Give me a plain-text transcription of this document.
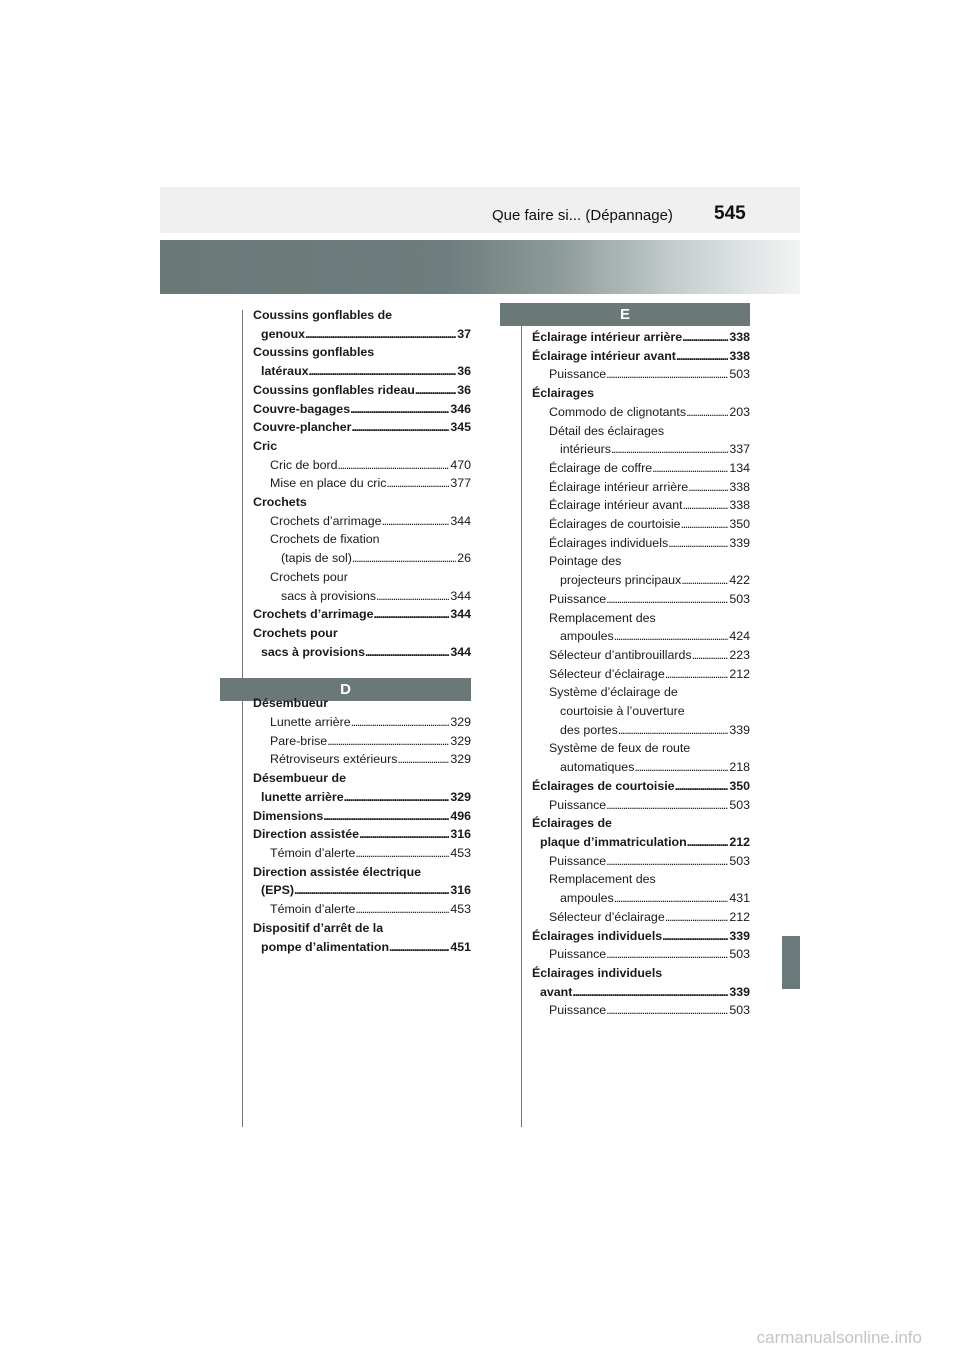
Que faire si... (Dépannage) 545
E
D
Coussins gonflables de
genoux . . .	37
Coussins gonflables
latéraux . . .	36
Coussins gonflables rideau . . .	36
Couvre-bagages . . .	346
Couvre-plancher . . .	345
Cric
Cric de bord . . .	470
Mise en place du cric . . .	377
Crochets
Crochets d’arrimage . . .	344
Crochets de fixation
(tapis de sol) . . .	26
Crochets pour
sacs à provisions . . .	344
Crochets d’arrimage . . .	344
Crochets pour
sacs à provisions . . .	344
Désembueur
Lunette arrière . . .	329
Pare-brise . . .	329
Rétroviseurs extérieurs . . .	329
Désembueur de
lunette arrière . . .	329
Dimensions . . .	496
Direction assistée . . .	316
Témoin d’alerte . . .	453
Direction assistée électrique
(EPS) . . .	316
Témoin d’alerte . . .	453
Dispositif d’arrêt de la
pompe d’alimentation . . .	451
Éclairage intérieur arrière . . .	338
Éclairage intérieur avant . . .	338
Puissance . . .	503
Éclairages
Commodo de clignotants . . .	203
Détail des éclairages
intérieurs . . .	337
Éclairage de coffre . . .	134
Éclairage intérieur arrière . . .	338
Éclairage intérieur avant . . .	338
Éclairages de courtoisie . . .	350
Éclairages individuels . . .	339
Pointage des
projecteurs principaux . . .	422
Puissance . . .	503
Remplacement des
ampoules . . .	424
Sélecteur d’antibrouillards . . .	223
Sélecteur d’éclairage . . .	212
Système d’éclairage de
courtoisie à l’ouverture
des portes . . .	339
Système de feux de route
automatiques . . .	218
Éclairages de courtoisie . . .	350
Puissance . . .	503
Éclairages de
plaque d’immatriculation . . .	212
Puissance . . .	503
Remplacement des
ampoules . . .	431
Sélecteur d’éclairage . . .	212
Éclairages individuels . . .	339
Puissance . . .	503
Éclairages individuels
avant . . .	339
Puissance . . .	503
carmanualsonline.info
